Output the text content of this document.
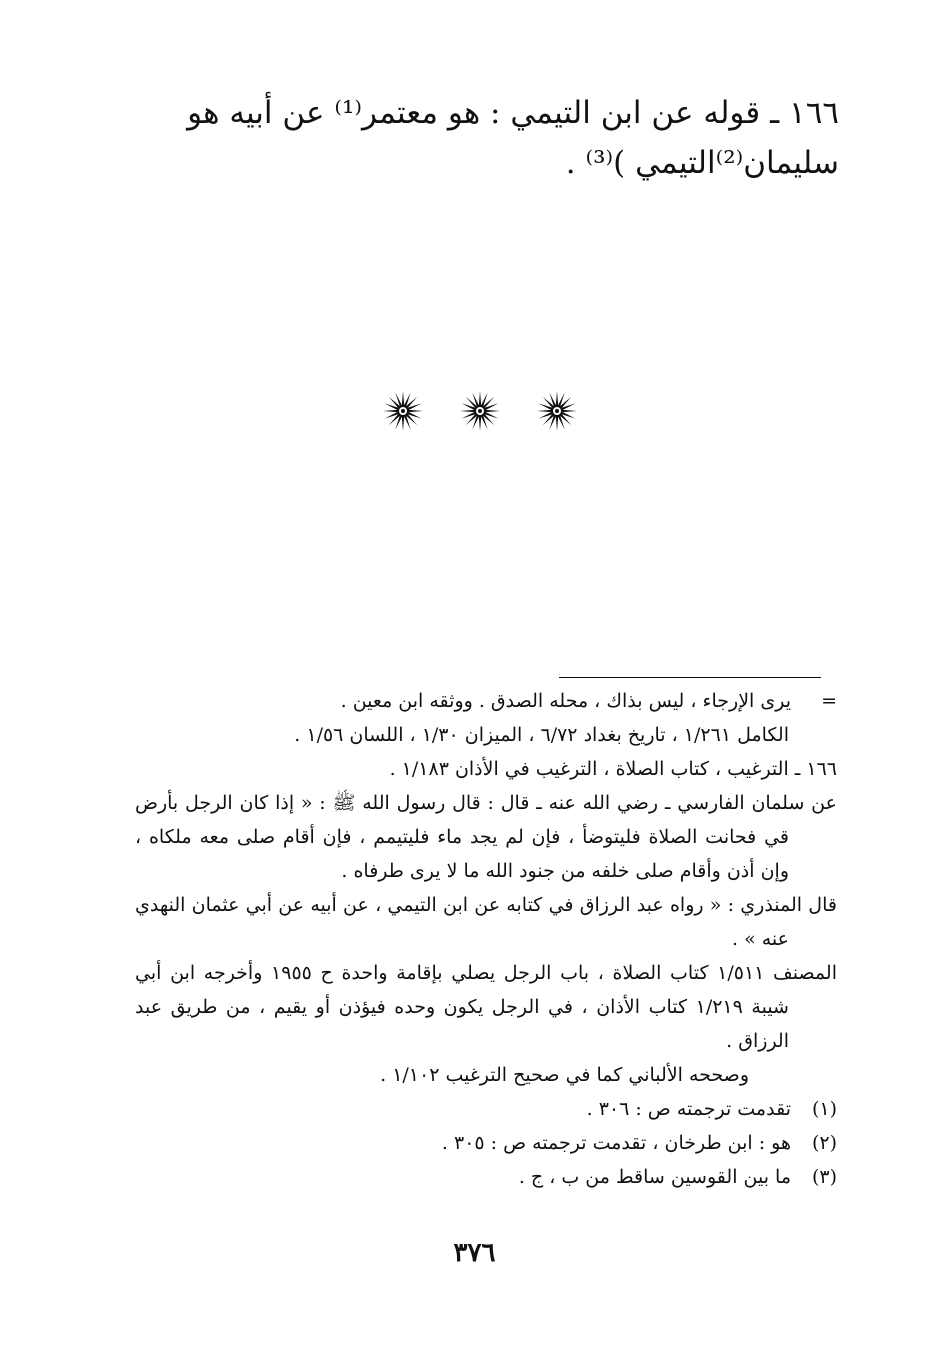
١٦٦ ـ قوله عن ابن التيمي : هو معتمر⁽¹⁾ عن أبيه هو

سليمان⁽²⁾التيمي )⁽³⁾ .

=
يرى الإرجاء ، ليس بذاك ، محله الصدق . ووثقه ابن معين .

الكامل ١/٢٦١ ، تاريخ بغداد ٦/٧٢ ، الميزان ١/٣٠ ، اللسان ١/٥٦ .

١٦٦ ـ الترغيب ، كتاب الصلاة ، الترغيب في الأذان ١/١٨٣ .

عن سلمان الفارسي ـ رضي الله عنه ـ قال : قال رسول الله ﷺ : « إذا كان الرجل بأرض قي فحانت الصلاة فليتوضأ ، فإن لم يجد ماء فليتيمم ، فإن أقام صلى معه ملكاه ، وإن أذن وأقام صلى خلفه من جنود الله ما لا يرى طرفاه .

قال المنذري : « رواه عبد الرزاق في كتابه عن ابن التيمي ، عن أبيه عن أبي عثمان النهدي عنه » .

المصنف ١/٥١١ كتاب الصلاة ، باب الرجل يصلي بإقامة واحدة ح ١٩٥٥ وأخرجه ابن أبي شيبة ١/٢١٩ كتاب الأذان ، في الرجل يكون وحده فيؤذن أو يقيم ، من طريق عبد الرزاق .

وصححه الألباني كما في صحيح الترغيب ١/١٠٢ .

(١)
تقدمت ترجمته ص : ٣٠٦ .

(٢)
هو : ابن طرخان ، تقدمت ترجمته ص : ٣٠٥ .

(٣)
ما بين القوسين ساقط من ب ، ج .

٣٧٦
